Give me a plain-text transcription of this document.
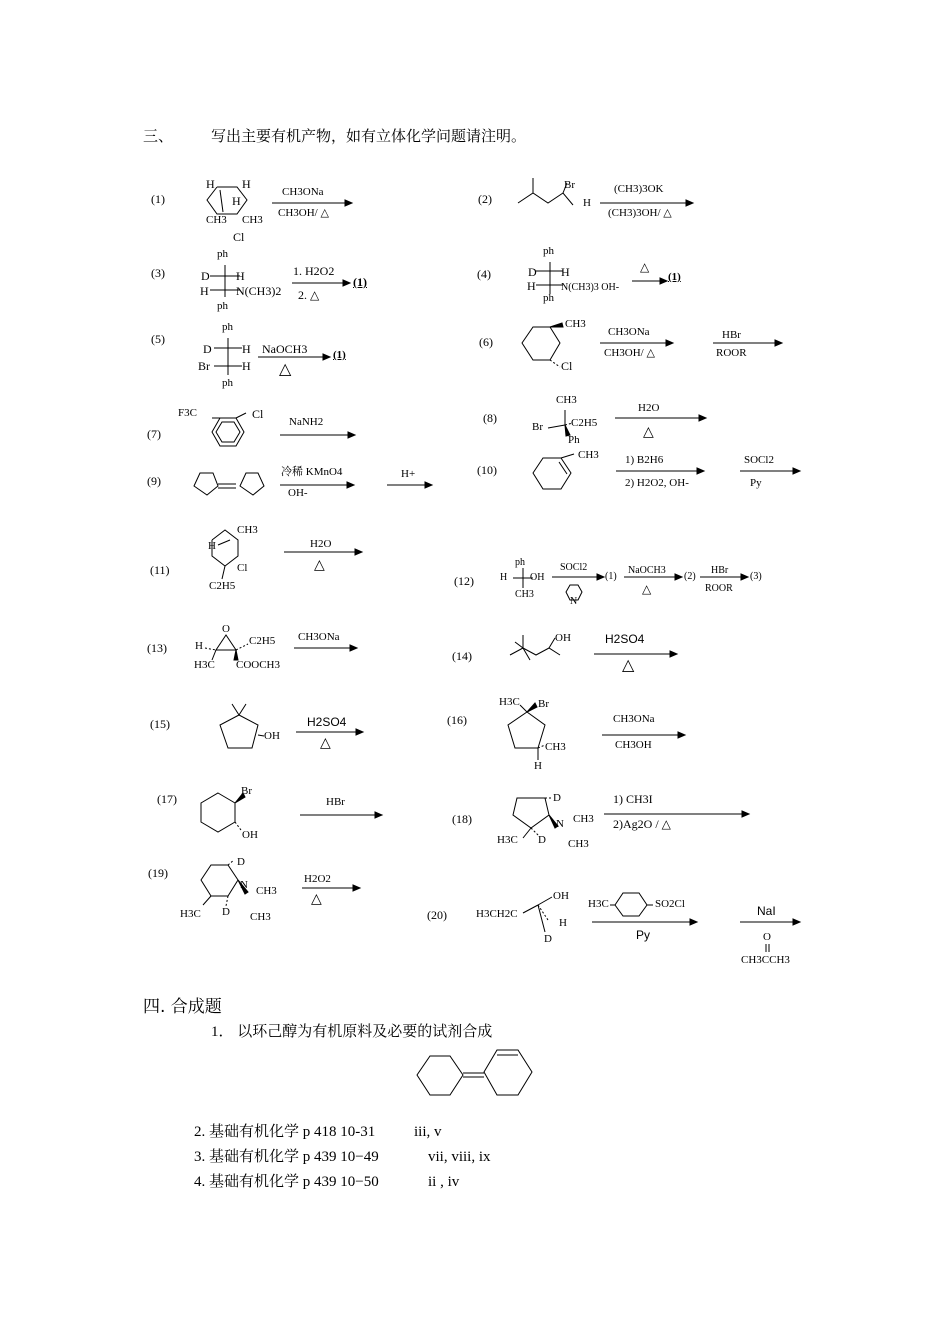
三、	写出主要有机产物，如有立体化学问题请注明。
(1)
H H
H
CH3 CH3
Cl
CH3ONa
CH3OH/ △
(2)
Br
H
(CH3)3OK
(CH3)3OH/ △
(3)
ph
D H
H N(CH3)2
ph
1. H2O2
2. △
(1)
(4)
ph
D H
H	N(CH3)3 OH-
ph
△
(1)
(5)
ph
D	H
Br	H
ph
NaOCH3
△
(1)
(6)
CH3
Cl
CH3ONa
CH3OH/ △
HBr
ROOR
(7)
F3C	Cl
NaNH2	(8)
CH3
Br	C2H5
Ph
H2O
△
(9)
冷稀 KMnO4
OH-
H+	(10)
CH3 1) B2H6
2) H2O2, OH-
SOCl2
Py
(11)
CH3
H
Cl
C2H5
H2O
△
(12)
ph
H OH
CH3
N
SOCl2
(1)
NaOCH3
△
(2)
HBr
ROOR
(3)
(13)
O
H	C2H5
H3C COOCH3
CH3ONa
(14)
OH	H2SO4
△
(15)
OH
H2SO4
△
(16)
H3C Br
CH3
H
CH3ONa
CH3OH
(17)
Br
OH
HBr
(18)
D
N CH3
CH3
H3C D
1) CH3I
2)Ag2O / △
(19)
D
N CH3
CH3
H3C D
H2O2
△
(20)
OH
H3CH2C
H
D
H3C	SO2Cl
Py
NaI
O
CH3CCH3
四. 合成题
1． 以环己醇为有机原料及必要的试剂合成
2. 基础有机化学 p 418 10-31	iii, v
3. 基础有机化学 p 439 10−49	vii, viii, ix
4. 基础有机化学 p 439 10−50	ii , iv
